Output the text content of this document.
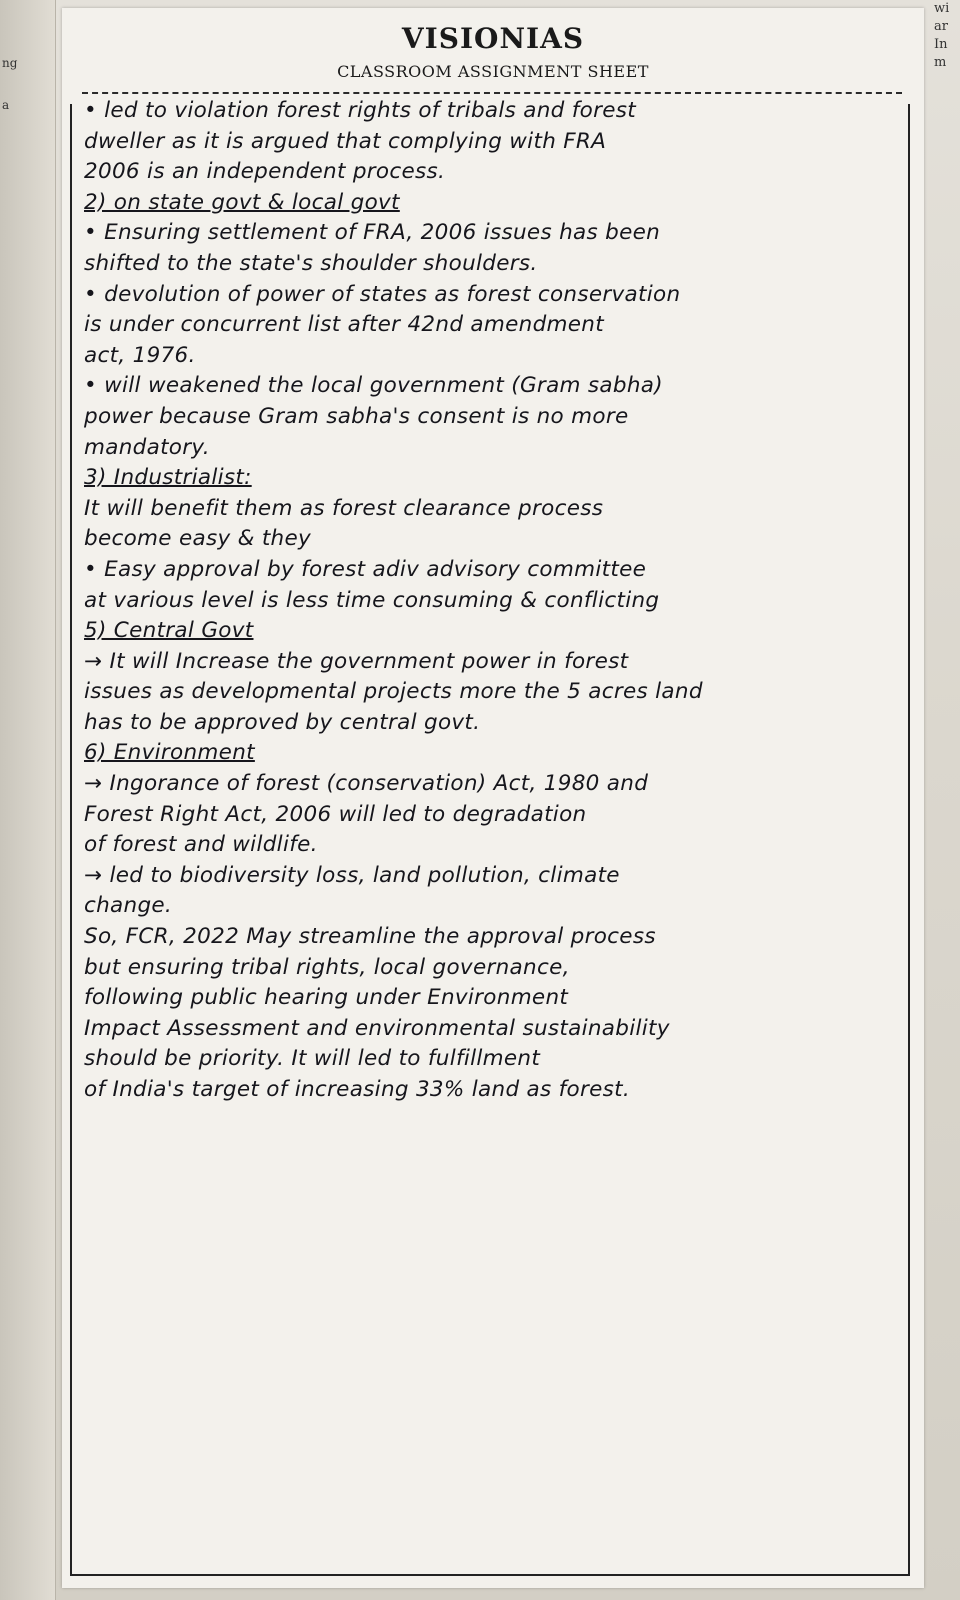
ng
a
wi
ar
In
m
VISIONIAS
CLASSROOM ASSIGNMENT SHEET
• led to violation forest rights of tribals and forest
dweller as it is argued that complying with FRA
2006 is an independent process.
2) on state govt & local govt
• Ensuring settlement of FRA, 2006 issues has been
shifted to the state's shoulder shoulders.
• devolution of power of states as forest conservation
is under concurrent list after 42nd amendment
act, 1976.
• will weakened the local government (Gram sabha)
power because Gram sabha's consent is no more
mandatory.
3) Industrialist:
It will benefit them as forest clearance process
become easy & they
• Easy approval by forest adiv advisory committee
at various level is less time consuming & conflicting
5) Central Govt
→ It will Increase the government power in forest
issues as developmental projects more the 5 acres land
has to be approved by central govt.
6) Environment
→ Ingorance of forest (conservation) Act, 1980 and
Forest Right Act, 2006 will led to degradation
of forest and wildlife.
→ led to biodiversity loss, land pollution, climate
change.
So, FCR, 2022 May streamline the approval process
but ensuring tribal rights, local governance,
following public hearing under Environment
Impact Assessment and environmental sustainability
should be priority. It will led to fulfillment
of India's target of increasing 33% land as forest.
